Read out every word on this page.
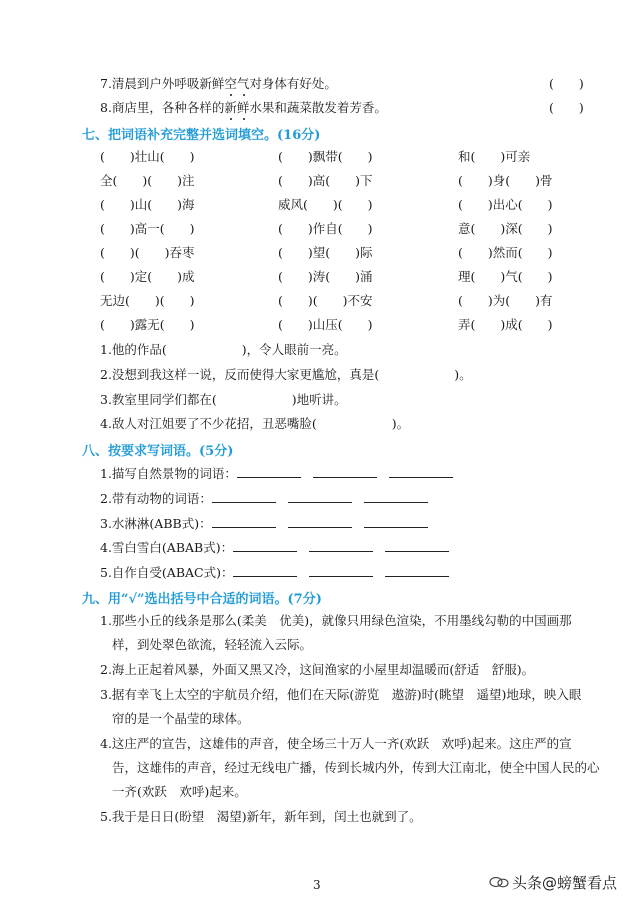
7.清晨到户外呼吸新鲜空气对身体有好处。	(　　)
8.商店里，各种各样的新鲜水果和蔬菜散发着芳香。	(　　)
七、把词语补充完整并选词填空。(16分)
(　　)壮山(　　)	(　　)飘带(　　)	和(　　)可亲
全(　　)(　　)注	(　　)高(　　)下	(　　)身(　　)骨
(　　)山(　　)海	威风(　　)(　　)	(　　)出心(　　)
(　　)高一(　　)	(　　)作自(　　)	意(　　)深(　　)
(　　)(　　)吞枣	(　　)望(　　)际	(　　)然而(　　)
(　　)定(　　)成	(　　)涛(　　)涌	理(　　)气(　　)
无边(　　)(　　)	(　　)(　　)不安	(　　)为(　　)有
(　　)露无(　　)	(　　)山压(　　)	弄(　　)成(　　)
1.他的作品(　　　　　　)，令人眼前一亮。
2.没想到我这样一说，反而使得大家更尴尬，真是(　　　　　　)。
3.教室里同学们都在(　　　　　　)地听讲。
4.敌人对江姐要了不少花招，丑恶嘴脸(　　　　　　)。
八、按要求写词语。(5分)
1.描写自然景物的词语：
2.带有动物的词语：
3.水淋淋(ABB式)：
4.雪白雪白(ABAB式)：
5.自作自受(ABAC式)：
九、用“√”选出括号中合适的词语。(7分)
1.那些小丘的线条是那么(柔美　优美)，就像只用绿色渲染，不用墨线勾勒的中国画那
样，到处翠色欲流，轻轻流入云际。
2.海上正起着风暴，外面又黑又冷，这间渔家的小屋里却温暖而(舒适　舒服)。
3.据有幸飞上太空的宇航员介绍，他们在天际(游览　遨游)时(眺望　遥望)地球，映入眼
帘的是一个晶莹的球体。
4.这庄严的宣告，这雄伟的声音，使全场三十万人一齐(欢跃　欢呼)起来。这庄严的宣
告，这雄伟的声音，经过无线电广播，传到长城内外，传到大江南北，使全中国人民的心
一齐(欢跃　欢呼)起来。
5.我于是日日(盼望　渴望)新年，新年到，闰土也就到了。
3	头条@螃蟹看点
